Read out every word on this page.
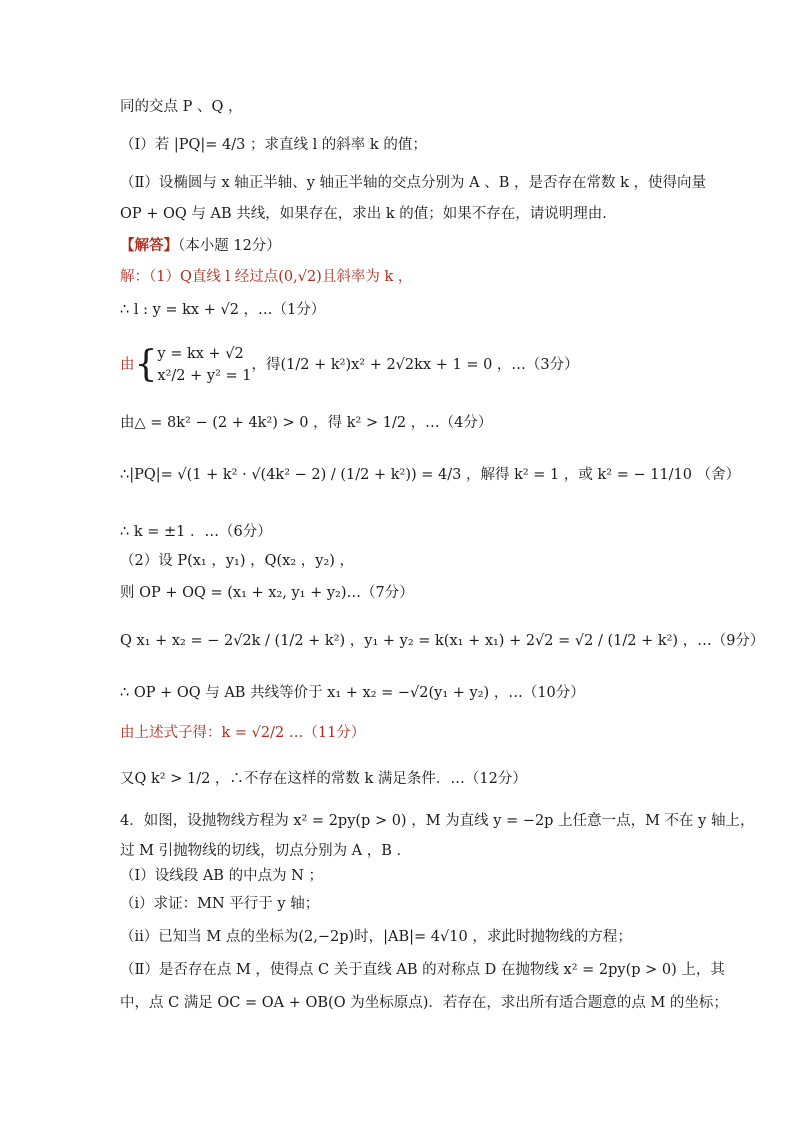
同的交点 P 、Q ，
（Ⅰ）若 |PQ|= 4/3 ；求直线 l 的斜率 k 的值；
（Ⅱ）设椭圆与 x 轴正半轴、y 轴正半轴的交点分别为 A 、B ，是否存在常数 k ，使得向量
OP + OQ 与 AB 共线，如果存在，求出 k 的值；如果不存在，请说明理由．
【解答】（本小题 12分）
解：（1）Q直线 l 经过点(0,√2)且斜率为 k ，
∴ l : y = kx + √2 ，…（1分）
由{ y = kx + √2
x²/2 + y² = 1
，得(1/2 + k²)x² + 2√2kx + 1 = 0 ，…（3分）
由△ = 8k² − (2 + 4k²) > 0 ，得 k² > 1/2 ，…（4分）
∴|PQ|= √(1 + k² · √(4k² − 2) / (1/2 + k²)) = 4/3 ，解得 k² = 1 ，或 k² = − 11/10 （舍）
∴ k = ±1 ．…（6分）
（2）设 P(x₁ ，y₁) ，Q(x₂ ，y₂) ，
则 OP + OQ = (x₁ + x₂, y₁ + y₂)…（7分）
Q x₁ + x₂ = − 2√2k / (1/2 + k²) ，y₁ + y₂ = k(x₁ + x₁) + 2√2 = √2 / (1/2 + k²) ，…（9分）
∴ OP + OQ 与 AB 共线等价于 x₁ + x₂ = −√2(y₁ + y₂) ，…（10分）
由上述式子得：k = √2/2 …（11分）
又Q k² > 1/2 ，∴不存在这样的常数 k 满足条件．…（12分）
4．如图，设抛物线方程为 x² = 2py(p > 0) ，M 为直线 y = −2p 上任意一点，M 不在 y 轴上，
过 M 引抛物线的切线，切点分别为 A ，B ．
（Ⅰ）设线段 AB 的中点为 N ；
（ⅰ）求证：MN 平行于 y 轴；
（ⅱ）已知当 M 点的坐标为(2,−2p)时，|AB|= 4√10 ，求此时抛物线的方程；
（Ⅱ）是否存在点 M ，使得点 C 关于直线 AB 的对称点 D 在抛物线 x² = 2py(p > 0) 上，其
中，点 C 满足 OC = OA + OB(O 为坐标原点)．若存在，求出所有适合题意的点 M 的坐标；
